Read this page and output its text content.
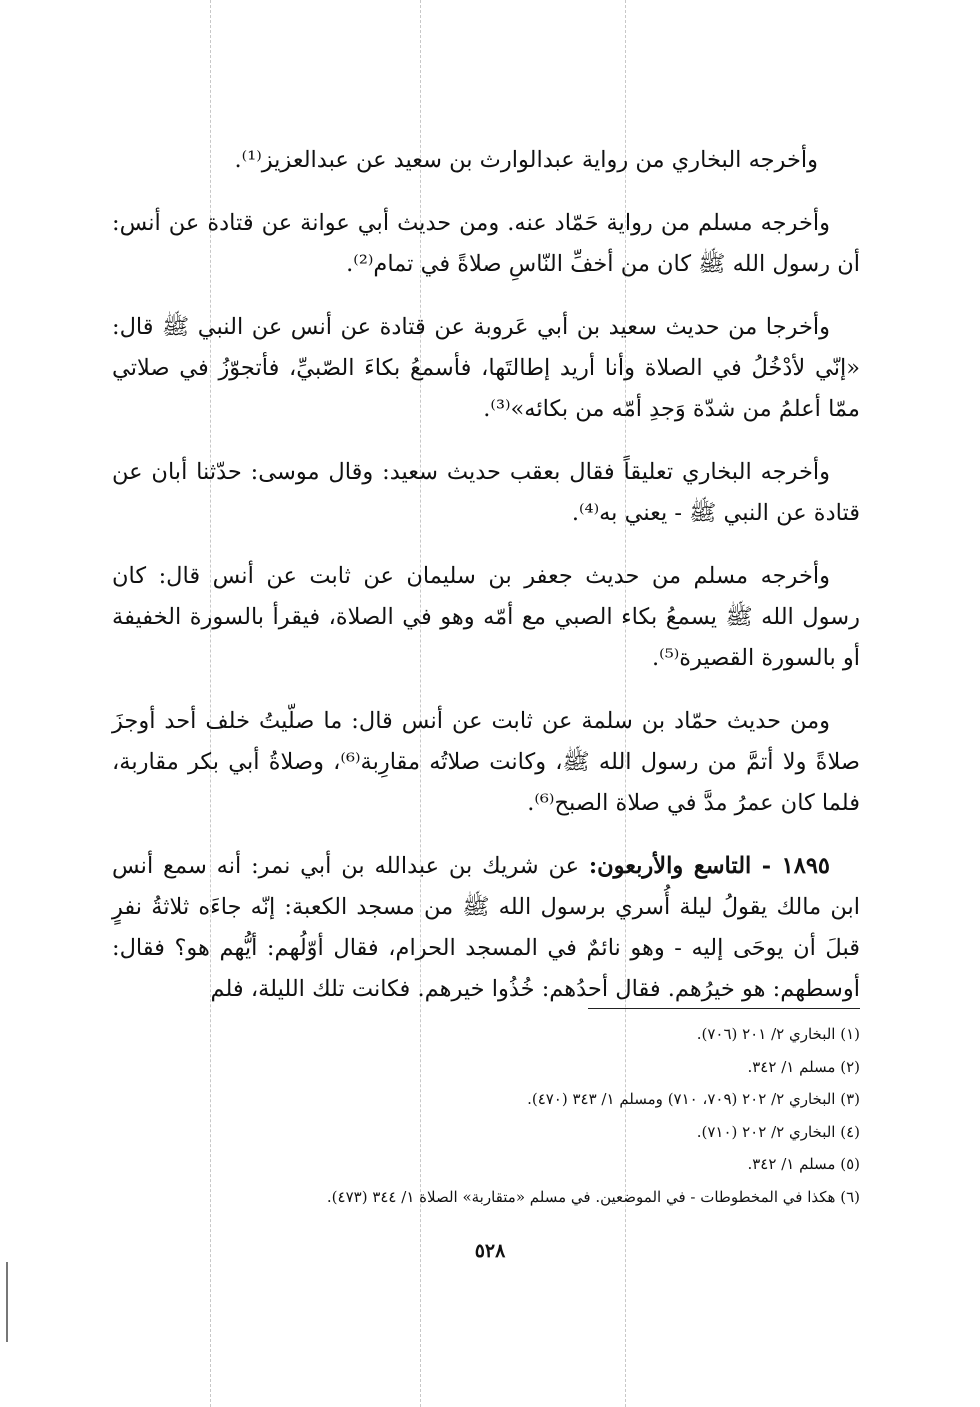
وأخرجه البخاري من رواية عبدالوارث بن سعيد عن عبدالعزيز⁽¹⁾.

وأخرجه مسلم من رواية حَمّاد عنه. ومن حديث أبي عوانة عن قتادة عن أنس: أن رسول الله ﷺ كان من أخفِّ النّاسِ صلاةً في تمام⁽²⁾.

وأخرجا من حديث سعيد بن أبي عَروبة عن قتادة عن أنس عن النبي ﷺ قال: «إنّي لأدْخُلُ في الصلاة وأنا أريد إطالتَها، فأسمعُ بكاءَ الصّبيِّ، فأتجوّزُ في صلاتي ممّا أعلمُ من شدّة وَجدِ أمّه من بكائه»⁽³⁾.

وأخرجه البخاري تعليقاً فقال بعقب حديث سعيد: وقال موسى: حدّثنا أبان عن قتادة عن النبي ﷺ - يعني به⁽⁴⁾.

وأخرجه مسلم من حديث جعفر بن سليمان عن ثابت عن أنس قال: كان رسول الله ﷺ يسمعُ بكاء الصبي مع أمّه وهو في الصلاة، فيقرأ بالسورة الخفيفة أو بالسورة القصيرة⁽⁵⁾.

ومن حديث حمّاد بن سلمة عن ثابت عن أنس قال: ما صلّيتُ خلف أحد أوجزَ صلاةً ولا أتمَّ من رسول الله ﷺ، وكانت صلاتُه مقارِبة⁽⁶⁾، وصلاةُ أبي بكر مقاربة، فلما كان عمرُ مدَّ في صلاة الصبح⁽⁶⁾.

١٨٩٥ - التاسع والأربعون: عن شريك بن عبدالله بن أبي نمر: أنه سمع أنس ابن مالك يقولُ ليلة أُسري برسول الله ﷺ من مسجد الكعبة: إنّه جاءَه ثلاثةُ نفرٍ قبلَ أن يوحَى إليه - وهو نائمٌ في المسجد الحرام، فقال أوّلُهم: أيُّهم هو؟ فقال: أوسطهم: هو خيرُهم. فقال أحدُهم: خُذُوا خيرهم. فكانت تلك الليلة، فلم

(١) البخاري ٢/ ٢٠١ (٧٠٦).

(٢) مسلم ١/ ٣٤٢.

(٣) البخاري ٢/ ٢٠٢ (٧٠٩، ٧١٠) ومسلم ١/ ٣٤٣ (٤٧٠).

(٤) البخاري ٢/ ٢٠٢ (٧١٠).

(٥) مسلم ١/ ٣٤٢.

(٦) هكذا في المخطوطات - في الموضعين. في مسلم «متقاربة» الصلاة ١/ ٣٤٤ (٤٧٣).

٥٢٨
